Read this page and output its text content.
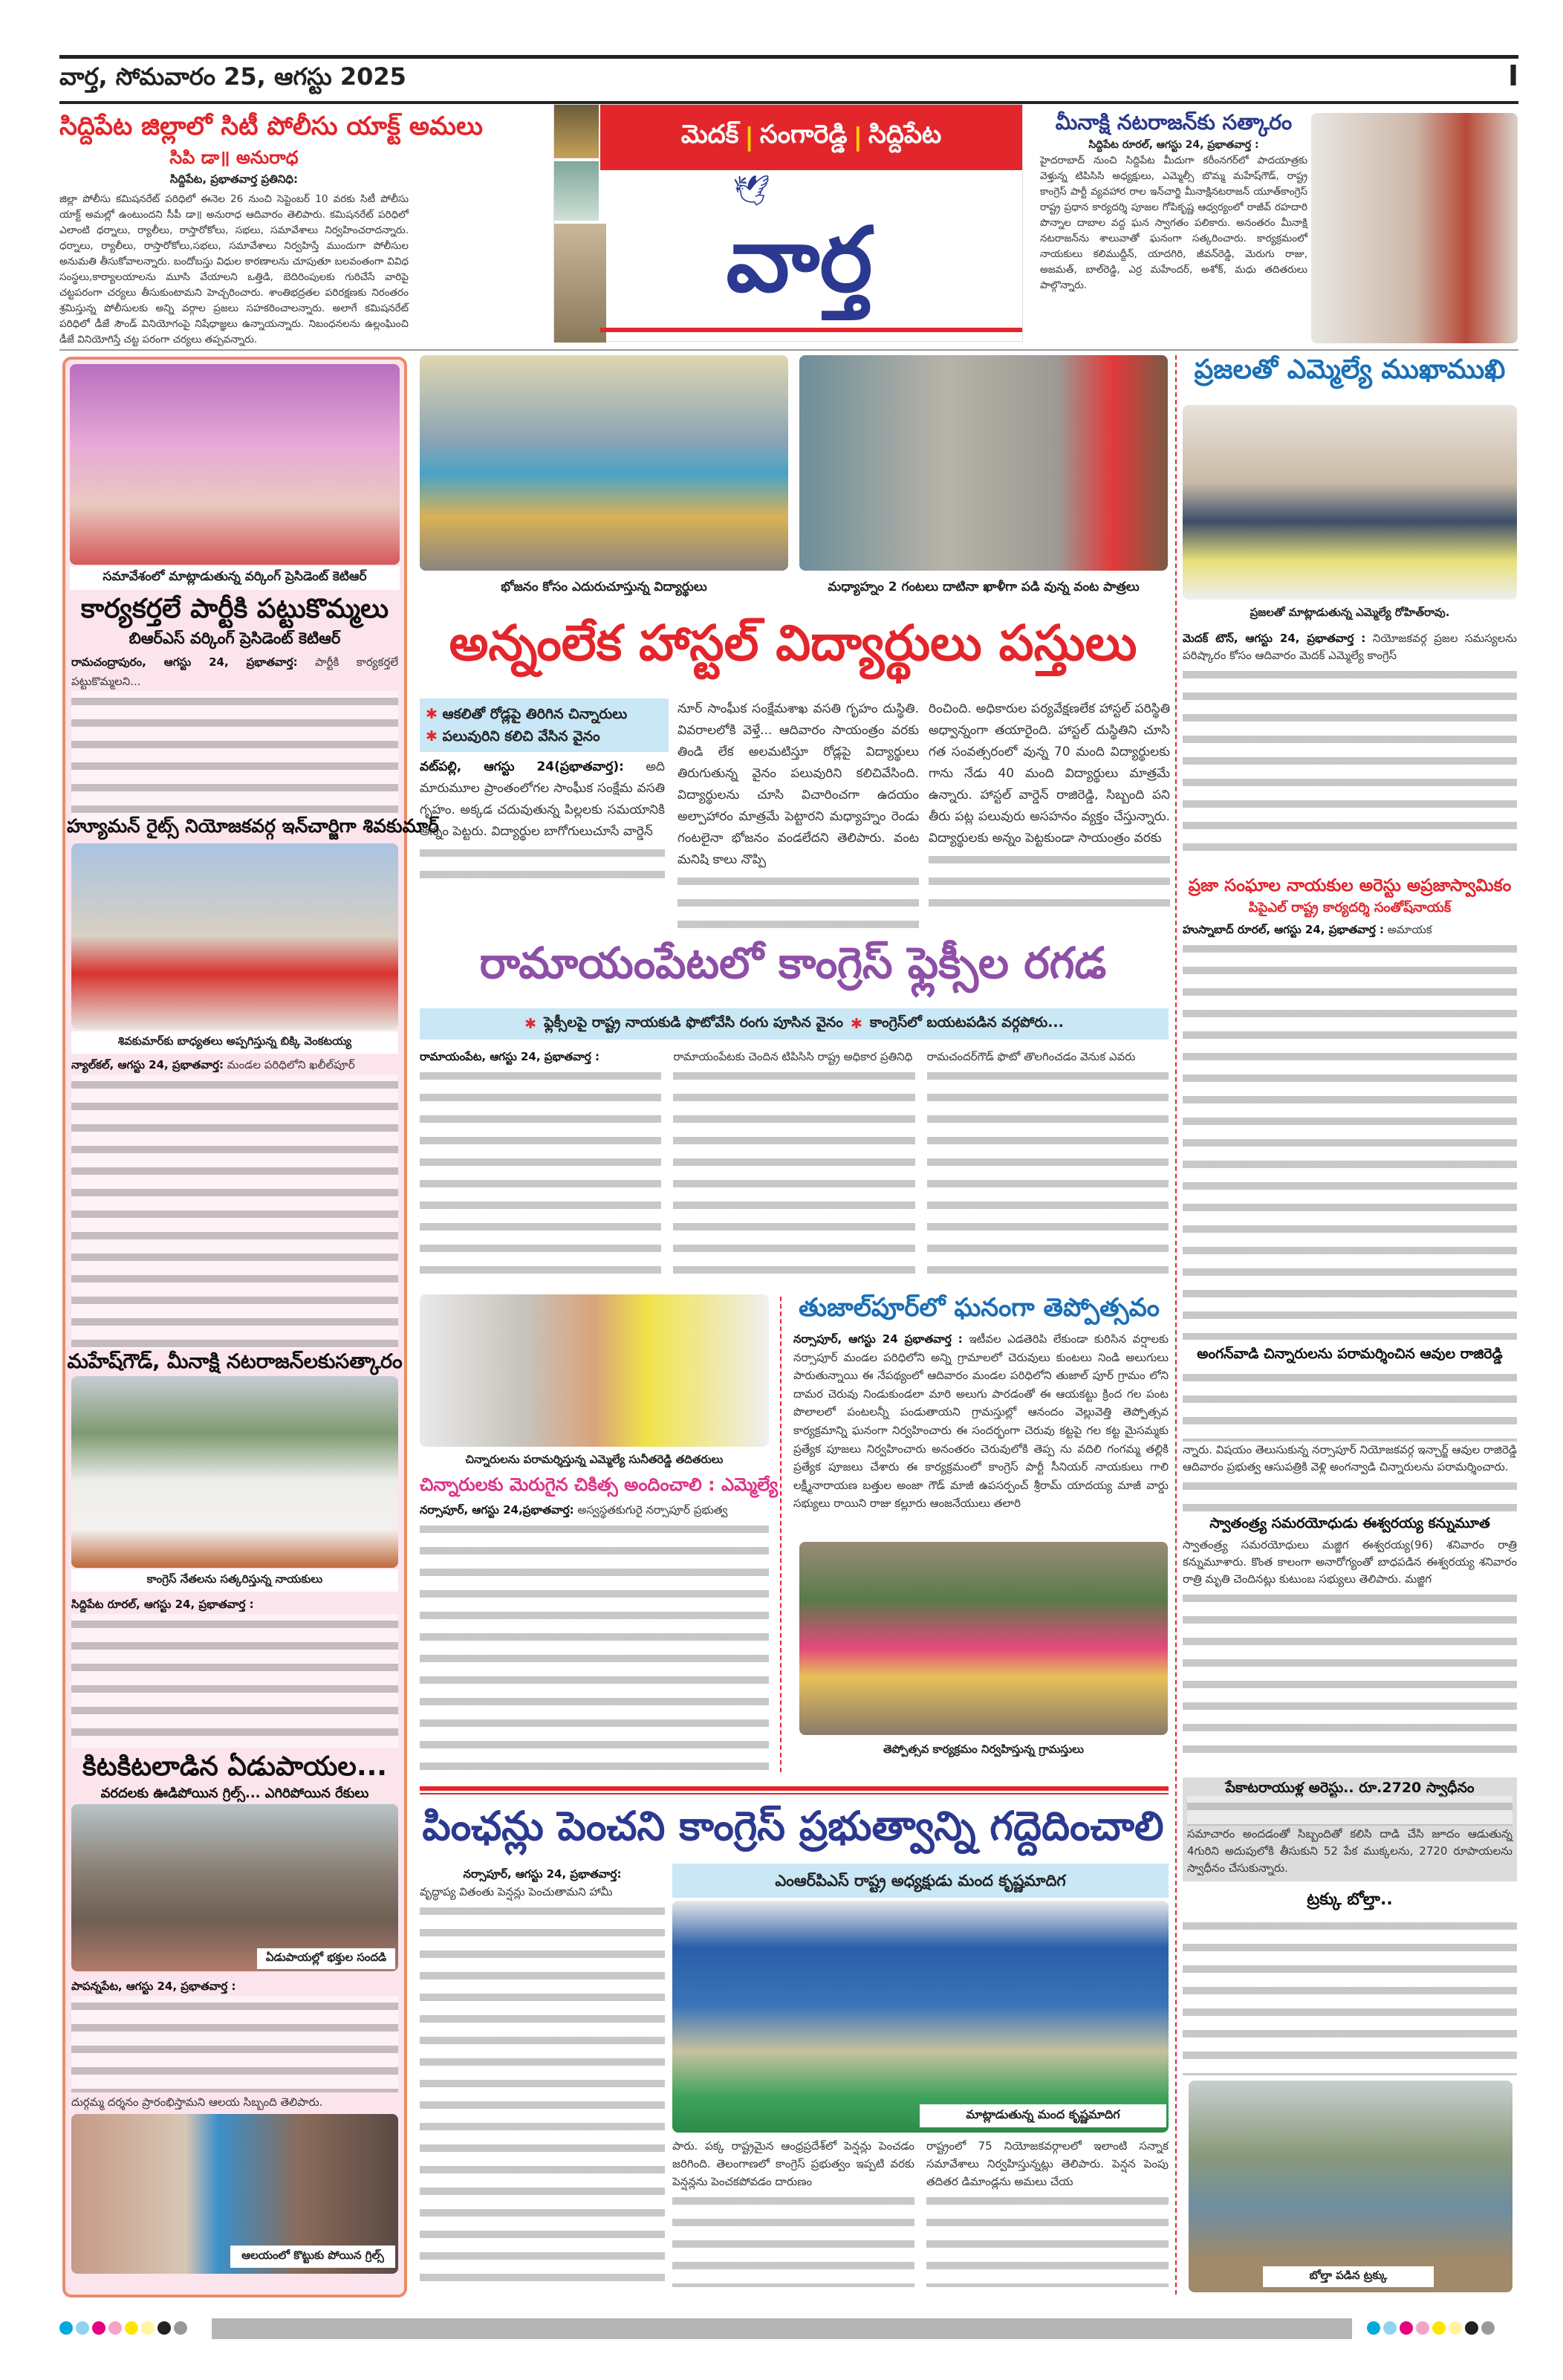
వార్త, సోమవారం 25, ఆగస్టు 2025	I
సిద్దిపేట జిల్లాలో సిటీ పోలీసు యాక్ట్ అమలు
సిపి డా॥ అనురాధ
సిద్దిపేట, ప్రభాతవార్త ప్రతినిధి:
జిల్లా పోలీసు కమిషనరేట్ పరిధిలో ఈనెల 26 నుంచి సెప్టెంబర్ 10 వరకు సిటీ పోలీసు యాక్ట్ అమల్లో ఉంటుందని సీపీ డా॥ అనురాధ ఆదివారం తెలిపారు. కమిషనరేట్ పరిధిలో ఎలాంటి ధర్నాలు, ర్యాలీలు, రాస్తారోకోలు, సభలు, సమావేశాలు నిర్వహించరాదన్నారు. ధర్నాలు, ర్యాలీలు, రాస్తారోకోలు,సభలు, సమావేశాలు నిర్వహిస్తే ముందుగా పోలీసుల అనుమతి తీసుకోవాలన్నారు. బందోబస్తు విధుల కారణాలను చూపుతూ బలవంతంగా వివిధ సంస్థలు,కార్యాలయాలను మూసి వేయాలని ఒత్తిడి, బెదిరింపులకు గురిచేసే వారిపై చట్టపరంగా చర్యలు తీసుకుంటామని హెచ్చరించారు. శాంతిభద్రతల పరిరక్షణకు నిరంతరం శ్రమిస్తున్న పోలీసులకు అన్ని వర్గాల ప్రజలు సహకరించాలన్నారు. అలాగే కమిషనరేట్ పరిధిలో డీజే సౌండ్ వినియోగంపై నిషేధాజ్ఞలు ఉన్నాయన్నారు. నిబంధనలను ఉల్లంఘించి డీజే వినియోగిస్తే చట్ట పరంగా చర్యలు తప్పవన్నారు.
మెదక్ | సంగారెడ్డి | సిద్దిపేట
🕊
వార్త
మీనాక్షి నటరాజన్‌కు సత్కారం
సిద్దిపేట రూరల్, ఆగస్టు 24, ప్రభాతవార్త :
హైదరాబాద్ నుంచి సిద్దిపేట మీదుగా కరీంనగర్‌లో పాదయాత్రకు వెళ్తున్న టిపిసిసి అధ్యక్షులు, ఎమ్మెల్సీ బొమ్మ మహేష్‌గౌడ్, రాష్ట్ర కాంగ్రెస్ పార్టీ వ్యవహార రాల ఇన్‌చార్జి మీనాక్షినటరాజన్ యూత్‌కాంగ్రెస్ రాష్ట్ర ప్రధాన కార్యదర్శి పూజల గోపికృష్ణ ఆధ్వర్యంలో రాజీవ్ రహదారి పొన్నాల దాబాల వద్ద ఘన స్వాగతం పలికారు. అనంతరం మీనాక్షి నటరాజన్‌ను శాలువాతో ఘనంగా సత్కరించారు. కార్యక్రమంలో నాయకులు కలిముద్దీన్, యాదగిరి, జీవన్‌రెడ్డి, మెరుగు రాజు, అజమత్, బాల్‌రెడ్డి, ఎర్ర మహేందర్, అశోక్, మధు తదితరులు పాల్గొన్నారు.
సమావేశంలో మాట్లాడుతున్న వర్కింగ్ ప్రెసిడెంట్ కెటిఆర్
కార్యకర్తలే పార్టీకి పట్టుకొమ్మలు
బిఆర్‌ఎస్ వర్కింగ్ ప్రెసిడెంట్ కెటిఆర్
రామచంద్రాపురం, ఆగస్టు 24, ప్రభాతవార్త: పార్టీకి కార్యకర్తలే పట్టుకొమ్మలని...
హ్యూమన్ రైట్స్ నియోజకవర్గ ఇన్‌చార్జిగా శివకుమార్
శివకుమార్‌కు బాధ్యతలు అప్పగిస్తున్న బిక్కి వెంకటయ్య
న్యాల్‌కల్, ఆగస్టు 24, ప్రభాతవార్త: మండల పరిధిలోని ఖలీల్‌పూర్
మహేష్‌గౌడ్, మీనాక్షి నటరాజన్‌లకుసత్కారం
కాంగ్రెస్ నేతలను సత్కరిస్తున్న నాయకులు
సిద్దిపేట రూరల్, ఆగస్టు 24, ప్రభాతవార్త :
కిటకిటలాడిన ఏడుపాయల...
వరదలకు ఊడిపోయిన గ్రిల్స్... ఎగిరిపోయిన రేకులు
ఏడుపాయల్లో భక్తుల సందడి
పాపన్నపేట, ఆగస్టు 24, ప్రభాతవార్త :
దుర్గమ్మ దర్శనం ప్రారంభిస్తామని ఆలయ సిబ్బంది తెలిపారు.
ఆలయంలో కొట్టుకు పోయిన గ్రిల్స్
భోజనం కోసం ఎదురుచూస్తున్న విద్యార్థులు	మధ్యాహ్నం 2 గంటలు దాటినా ఖాళీగా పడి వున్న వంట పాత్రలు
అన్నంలేక హాస్టల్ విద్యార్థులు పస్తులు
✱ ఆకలితో రోడ్లపై తిరిగిన చిన్నారులు
✱ పలువురిని కలిచి వేసిన వైనం
వట్‌పల్లి, ఆగస్టు 24(ప్రభాతవార్త): అది మారుమూల ప్రాంతంలోగల సాంఘీక సంక్షేమ వసతి గృహం. అక్కడ చదువుతున్న పిల్లలకు సమయానికి అన్నం పెట్టరు. విద్యార్థుల బాగోగులుచూసే వార్డెన్
నూర్ సాంఘీక సంక్షేమశాఖ వసతి గృహం దుస్థితి. వివరాలలోకి వెళ్తే... ఆదివారం సాయంత్రం వరకు తిండి లేక అలమటిస్తూ రోడ్లపై విద్యార్థులు తిరుగుతున్న వైనం పలువురిని కలిచివేసింది. విద్యార్థులను చూసి విచారించగా ఉదయం అల్పాహారం మాత్రమే పెట్టారని మధ్యాహ్నం రెండు గంటలైనా భోజనం వండలేదని తెలిపారు. వంట మనిషి కాలు నొప్పి
రించింది. అధికారుల పర్యవేక్షణలేక హాస్టల్ పరిస్థితి అధ్వాన్నంగా తయారైంది. హాస్టల్ దుస్థితిని చూసి గత సంవత్సరంలో వున్న 70 మంది విద్యార్థులకు గాను నేడు 40 మంది విద్యార్థులు మాత్రమే ఉన్నారు. హాస్టల్ వార్డెన్ రాజిరెడ్డి, సిబ్బంది పని తీరు పట్ల పలువురు అసహనం వ్యక్తం చేస్తున్నారు. విద్యార్థులకు అన్నం పెట్టకుండా సాయంత్రం వరకు
రామాయంపేటలో కాంగ్రెస్ ఫ్లెక్సీల రగడ
✱ ఫ్లెక్సీలపై రాష్ట్ర నాయకుడి ఫొటోవేసి రంగు పూసిన వైనం ✱ కాంగ్రెస్‌లో బయటపడిన వర్గపోరు...
రామాయంపేట, ఆగస్టు 24, ప్రభాతవార్త :	రామాయంపేటకు చెందిన టిపిసిసి రాష్ట్ర అధికార ప్రతినిధి రామచందర్‌గౌడ్ ఫొటో తొలగించడం వెనుక ఎవరు
చిన్నారులను పరామర్శిస్తున్న ఎమ్మెల్యే సునీతరెడ్డి తదితరులు
చిన్నారులకు మెరుగైన చికిత్స అందించాలి : ఎమ్మెల్యే
నర్సాపూర్, ఆగస్టు 24,ప్రభాతవార్త: అస్వస్థతకుగురై నర్సాపూర్ ప్రభుత్వ
తుజాల్‌పూర్‌లో ఘనంగా తెప్పోత్సవం
నర్సాపూర్, ఆగస్టు 24 ప్రభాతవార్త : ఇటీవల ఎడతెరిపి లేకుండా కురిసిన వర్షాలకు నర్సాపూర్ మండల పరిధిలోని అన్ని గ్రామాలలో చెరువులు కుంటలు నిండి అలుగులు పారుతున్నాయి ఈ నేపథ్యంలో ఆదివారం మండల పరిధిలోని తుజాల్ పూర్ గ్రామం లోని దామర చెరువు నిండుకుండలా మారి అలుగు పారడంతో ఈ ఆయకట్టు క్రింద గల పంట పొలాలలో పంటలన్నీ పండుతాయని గ్రామస్తుల్లో ఆనందం వెల్లువెత్తి తెప్పోత్సవ కార్యక్రమాన్ని ఘనంగా నిర్వహించారు ఈ సందర్భంగా చెరువు కట్టపై గల కట్ట మైసమ్మకు ప్రత్యేక పూజలు నిర్వహించారు అనంతరం చెరువులోకి తెప్ప ను వదిలి గంగమ్మ తల్లికి ప్రత్యేక పూజలు చేశారు ఈ కార్యక్రమంలో కాంగ్రెస్ పార్టీ సీనియర్ నాయకులు గాలి లక్ష్మీనారాయణ బత్తుల అంజా గౌడ్ మాజీ ఉపసర్పంచ్ శ్రీరామ్ యాదయ్య మాజీ వార్డు సభ్యులు రాయిని రాజు కల్లూరు ఆంజనేయులు తలారి
తెప్పోత్సవ కార్యక్రమం నిర్వహిస్తున్న గ్రామస్తులు
పింఛన్లు పెంచని కాంగ్రెస్ ప్రభుత్వాన్ని గద్దెదించాలి
నర్సాపూర్, ఆగస్టు 24, ప్రభాతవార్త:
వృద్ధాప్య వితంతు పెన్షన్లు పెంచుతామని హామీ
ఎంఆర్‌పిఎస్ రాష్ట్ర అధ్యక్షుడు మంద కృష్ణమాదిగ
మాట్లాడుతున్న మంద కృష్ణమాదిగ
పారు. పక్క రాష్ట్రమైన ఆంధ్రప్రదేశ్‌లో పెన్షన్లు పెంచడం జరిగింది. తెలంగాణలో కాంగ్రెస్ ప్రభుత్వం ఇప్పటి వరకు పెన్షన్లను పెంచకపోవడం దారుణం
రాష్ట్రంలో 75 నియోజకవర్గాలలో ఇలాంటి సన్నాక సమావేశాలు నిర్వహిస్తున్నట్లు తెలిపారు. పెన్షన పెంపు తదితర డిమాండ్లను అమలు చేయ
ప్రజలతో ఎమ్మెల్యే ముఖాముఖి
ప్రజలతో మాట్లాడుతున్న ఎమ్మెల్యే రోహిత్‌రావు.
మెదక్ టౌన్, ఆగస్టు 24, ప్రభాతవార్త : నియోజకవర్గ ప్రజల సమస్యలను పరిష్కారం కోసం ఆదివారం మెదక్ ఎమ్మెల్యే కాంగ్రెస్
ప్రజా సంఘాల నాయకుల అరెస్టు అప్రజాస్వామికం
పిపైఎల్ రాష్ట్ర కార్యదర్శి సంతోష్‌నాయక్
హుస్నాబాద్ రూరల్, ఆగస్టు 24, ప్రభాతవార్త : అమాయక
అంగన్‌వాడి చిన్నారులను పరామర్శించిన ఆవుల రాజిరెడ్డి
న్నారు. విషయం తెలుసుకున్న నర్సాపూర్ నియోజకవర్గ ఇన్చార్జ్ ఆవుల రాజిరెడ్డి ఆదివారం ప్రభుత్వ ఆసుపత్రికి వెళ్లి అంగన్వాడి చిన్నారులను పరామర్శించారు.
స్వాతంత్ర్య సమరయోధుడు ఈశ్వరయ్య కన్నుమూత
స్వాతంత్ర్య సమరయోధులు మజ్జిగ ఈశ్వరయ్య(96) శనివారం రాత్రి కన్నుమూశారు. కొంత కాలంగా అనారోగ్యంతో బాధపడిన ఈశ్వరయ్య శనివారం రాత్రి మృతి చెందినట్లు కుటుంబ సభ్యులు తెలిపారు. మజ్జిగ
పేకాటరాయుళ్ల అరెస్టు.. రూ.2720 స్వాధీనం
సమాచారం అందడంతో సిబ్బందితో కలిసి దాడి చేసి జూదం ఆడుతున్న 4గురిని అదుపులోకి తీసుకుని 52 పేక ముక్కలను, 2720 రూపాయలను స్వాధీనం చేసుకున్నారు.
ట్రక్కు బోల్తా..
బోల్తా పడిన ట్రక్కు
